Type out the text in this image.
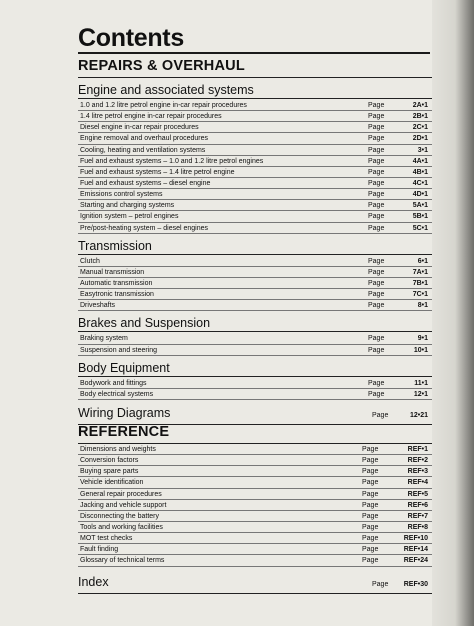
Contents
REPAIRS & OVERHAUL
Engine and associated systems
1.0 and 1.2 litre petrol engine in-car repair procedures	Page	2A•1
1.4 litre petrol engine in-car repair procedures	Page	2B•1
Diesel engine in-car repair procedures	Page	2C•1
Engine removal and overhaul procedures	Page	2D•1
Cooling, heating and ventilation systems	Page	3•1
Fuel and exhaust systems – 1.0 and 1.2 litre petrol engines	Page	4A•1
Fuel and exhaust systems – 1.4 litre petrol engine	Page	4B•1
Fuel and exhaust systems – diesel engine	Page	4C•1
Emissions control systems	Page	4D•1
Starting and charging systems	Page	5A•1
Ignition system – petrol engines	Page	5B•1
Pre/post-heating system – diesel engines	Page	5C•1
Transmission
Clutch	Page	6•1
Manual transmission	Page	7A•1
Automatic transmission	Page	7B•1
Easytronic transmission	Page	7C•1
Driveshafts	Page	8•1
Brakes and Suspension
Braking system	Page	9•1
Suspension and steering	Page	10•1
Body Equipment
Bodywork and fittings	Page	11•1
Body electrical systems	Page	12•1
Wiring Diagrams	Page	12•21
REFERENCE
Dimensions and weights	Page	REF•1
Conversion factors	Page	REF•2
Buying spare parts	Page	REF•3
Vehicle identification	Page	REF•4
General repair procedures	Page	REF•5
Jacking and vehicle support	Page	REF•6
Disconnecting the battery	Page	REF•7
Tools and working facilities	Page	REF•8
MOT test checks	Page	REF•10
Fault finding	Page	REF•14
Glossary of technical terms	Page	REF•24
Index	Page	REF•30
